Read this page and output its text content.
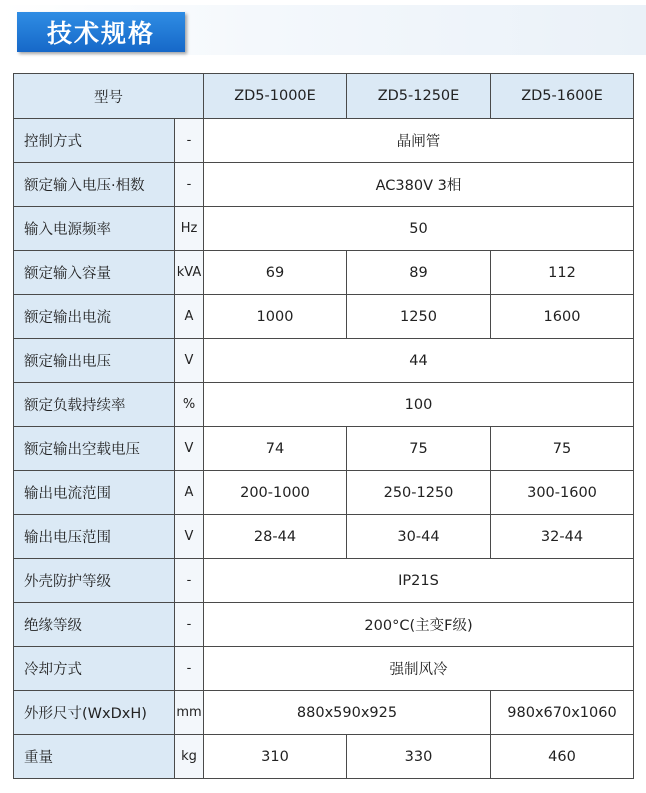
技术规格
型号		ZD5-1000E	ZD5-1250E	ZD5-1600E
控制方式	-	晶闸管		
额定输入电压·相数	-	AC380V 3相		
输入电源频率	Hz	50		
额定输入容量	kVA	69	89	112
额定输出电流	A	1000	1250	1600
额定输出电压	V	44		
额定负载持续率	%	100		
额定输出空载电压	V	74	75	75
输出电流范围	A	200-1000	250-1250	300-1600
输出电压范围	V	28-44	30-44	32-44
外壳防护等级	-	IP21S		
绝缘等级	-	200°C(主变F级)		
冷却方式	-	强制风冷		
外形尺寸(WxDxH)	mm	880x590x925		980x670x1060
重量	kg	310	330	460
